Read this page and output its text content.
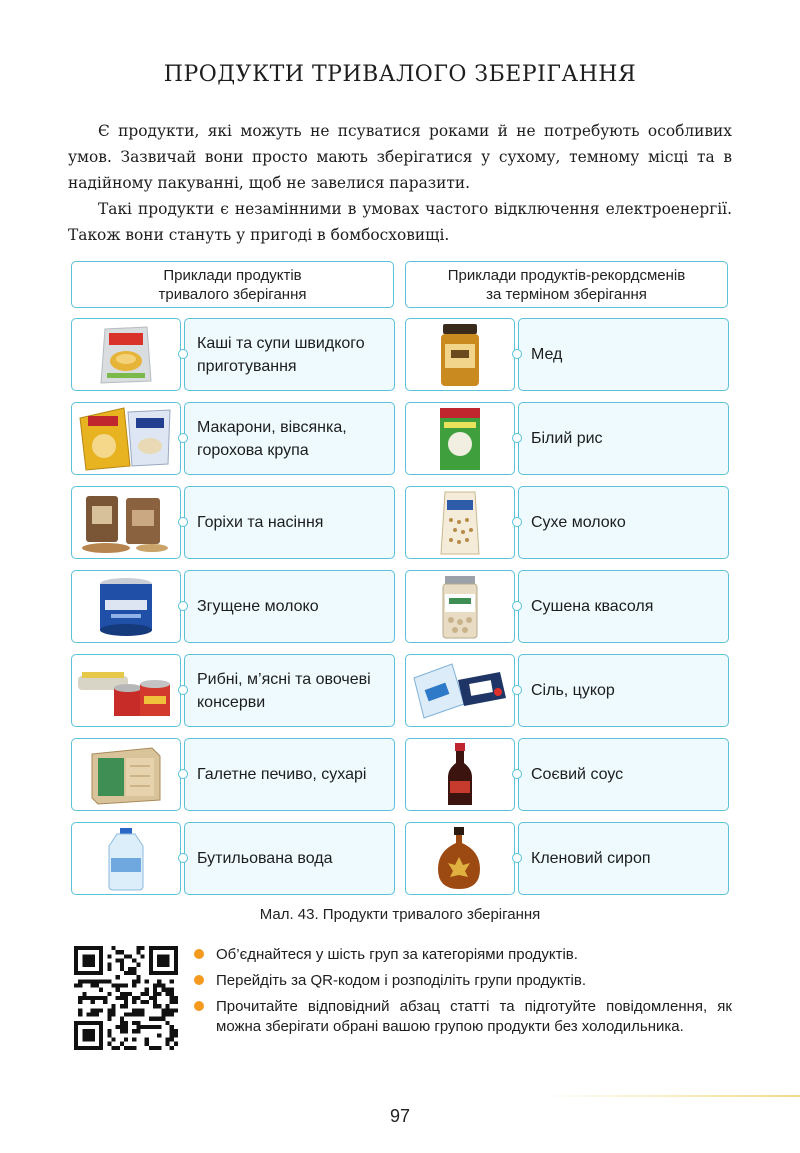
ПРОДУКТИ ТРИВАЛОГО ЗБЕРІГАННЯ

Є продукти, які можуть не псуватися роками й не потребують особливих умов. Зазвичай вони просто мають зберігатися у сухому, темному місці та в надійному пакуванні, щоб не завелися паразити.

Такі продукти є незамінними в умовах частого відключення електроенергії. Також вони стануть у пригоді в бомбосховищі.

Приклади продуктів
тривалого зберігання
Каші та супи швидкого приготування
Макарони, вівсянка, горохова крупа
Горіхи та насіння
Згущене молоко
Рибні, м’ясні та овочеві консерви
Галетне печиво, сухарі
Бутильована вода
Приклади продуктів-рекордсменів
за терміном зберігання
Мед
Білий рис
Сухе молоко
Сушена квасоля
Сіль, цукор
Соєвий соус
Кленовий сироп
Мал. 43. Продукти тривалого зберігання
Об’єднайтеся у шість груп за категоріями продуктів.
Перейдіть за QR-кодом і розподіліть групи продуктів.
Прочитайте відповідний абзац статті та підготуйте повідомлення, як можна зберігати обрані вашою групою продукти без холодильника.
97
